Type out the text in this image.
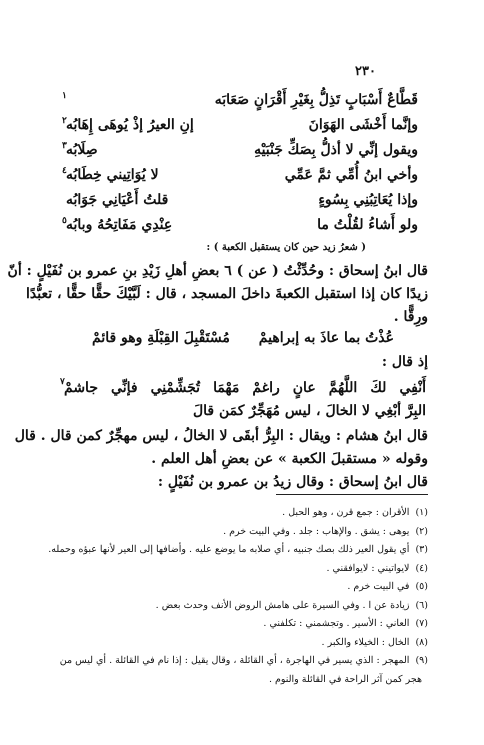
٢٣٠
قَطَّاعٌ أَسْبَابٍ تَذِلُّ بِغَيْرِ أَقْرَانٍ صَعَابَه
١
وإنَّما أَخْشَى الهَوَانَ
إنِ العيرُ إذْ يُوهَى إِهَابُه
٢
ويقول إنِّي لا أذلُّ بِصَكِّ جَنْبَيْهِ
صِلَابُه
٣
وأخي ابنُ أُمِّي ثمَّ عَمِّي
لا يُوَاتِيني خِطَابُه
٤
وإذا يُعَاتِبُنِي بِسُوءٍ
قلتُ أَعْيَانِي جَوَابُه
ولو أَشاءُ لقُلْتُ ما
عِنْدِي مَفَاتِحُهُ وبابُه
٥
( شعرُ زيد حين كان يستقبل الكعبة ) :
قال ابنُ إسحاق : وحُدِّثْتُ ( عن ) ٦ بعضِ أهلِ زَيْدِ بنِ عمرو بن نُفَيْلٍ : أنّ
زيدًا كان إذا استقبل الكعبةَ داخلَ المسجد ، قال : لَبَّيْكَ حقًّا حقًّا ، تعبُّدًا
ورِقًّا .
عُذْتُ بما عاذَ به إبراهيمْ
مُسْتَقْبِلَ القِبْلَةِ وهو قائمْ
إذ قال :
أَنْفِي لكَ اللَّهُمَّ عانٍ راغمْ مَهْمَا تُجَشِّمْنِي فإنِّي جاشمْ
البِرَّ أبْغِي لا الخالَ ، ليس مُهَجِّرٌ كمَن قالَ
٧
قال ابنُ هشام : ويقال : البِرُّ أبقَى لا الخالُ ، ليس مهجِّرٌ كمن قال . قال
وقوله « مستقبلَ الكعبة » عن بعضِ أهل العلم .
قال ابنُ إسحاق : وقال زيدُ بن عمرو بن نُفَيْلٍ :
(١)الأقران : جمع قرن ، وهو الحبل .
(٢)يوهى : يشق . والإهاب : جلد . وفي البيت خرم .
(٣)أي يقول العير ذلك بصك جنبيه ، أي صلابه ما يوضع عليه . وأضافها إلى العير لأنها عبؤه وحمله.
(٤)لايواتيني : لايوافقني .
(٥)في البيت خرم .
(٦)زيادة عن ا . وفي السيرة على هامش الروض الأنف وحدث بعض .
(٧)العاني : الأسير . وتجشمني : تكلفني .
(٨)الخال : الخيلاء والكبر .
(٩)المهجر : الذي يسير في الهاجرة ، أي القائلة ، وقال يقيل : إذا نام في القائلة . أي ليس من
هجر كمن آثر الراحة في القائلة والنوم .
